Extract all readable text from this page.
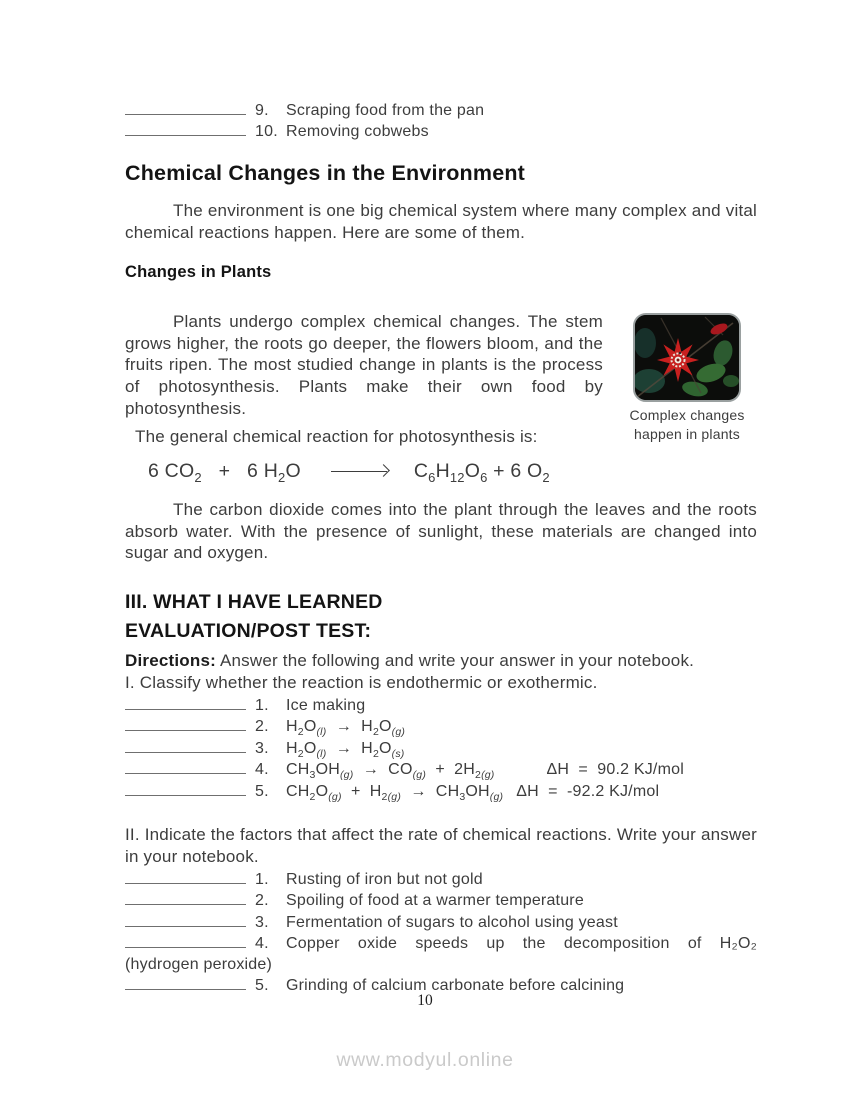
9.	Scraping food from the pan
10. Removing cobwebs
Chemical Changes in the Environment

The environment is one big chemical system where many complex and vital chemical reactions happen. Here are some of them.

Changes in Plants

Plants undergo complex chemical changes. The stem grows higher, the roots go deeper, the flowers bloom, and the fruits ripen. The most studied change in plants is the process of photosynthesis. Plants make their own food by photosynthesis.

The general chemical reaction for photosynthesis is:
Complex changes
happen in plants
6 $CO_2 + 6$ $H_2O$	$C_6H_{12}O_6 + 6$ $O_2$

The carbon dioxide comes into the plant through the leaves and the roots absorb water. With the presence of sunlight, these materials are changed into sugar and oxygen.

III. WHAT I HAVE LEARNED
EVALUATION/POST TEST:

Directions: Answer the following and write your answer in your notebook.

I. Classify whether the reaction is endothermic or exothermic.

1.	Ice making
2.	$H_2O_{(l)} \to H_2O_{(g)}$
3.	$H_2O_{(l)} \to H_2O_{(s)}$
4.	$CH_3OH_{(g)} \to CO_{(g)} + 2H_{2(g)}$	ΔH  =  90.2 KJ/mol
5.	$CH_2O_{(g)} + H_{2(g)} \to CH_3OH_{(g)}$ ΔH  =  -92.2 KJ/mol

II. Indicate the factors that affect the rate of chemical reactions. Write your answer in your notebook.

1.	Rusting of iron but not gold
2.	Spoiling of food at a warmer temperature
3.	Fermentation of sugars to alcohol using yeast
4.	Copper oxide speeds up the decomposition of H₂O₂
(hydrogen peroxide)
5.	Grinding of calcium carbonate before calcining
10
www.modyul.online
